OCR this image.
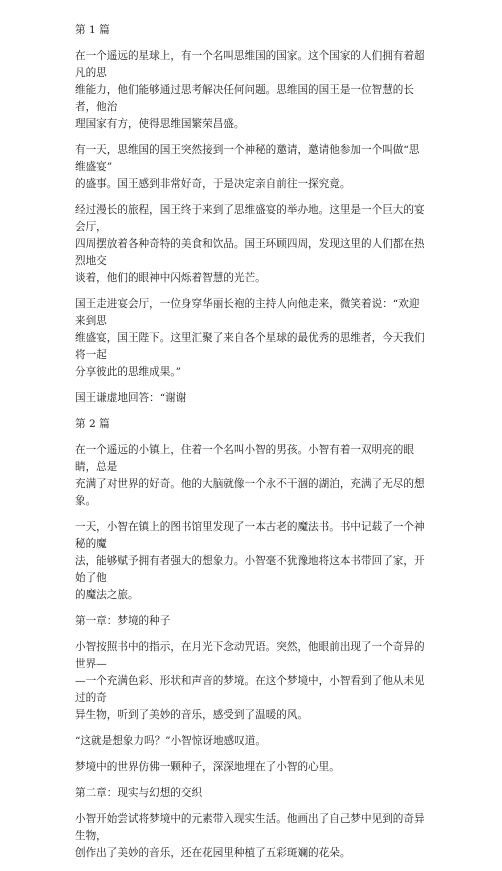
第 1 篇
在一个遥远的星球上，有一个名叫思维国的国家。这个国家的人们拥有着超凡的思
维能力，他们能够通过思考解决任何问题。思维国的国王是一位智慧的长者，他治
理国家有方，使得思维国繁荣昌盛。
有一天，思维国的国王突然接到一个神秘的邀请，邀请他参加一个叫做“思维盛宴”
的盛事。国王感到非常好奇，于是决定亲自前往一探究竟。
经过漫长的旅程，国王终于来到了思维盛宴的举办地。这里是一个巨大的宴会厅，
四周摆放着各种奇特的美食和饮品。国王环顾四周，发现这里的人们都在热烈地交
谈着，他们的眼神中闪烁着智慧的光芒。
国王走进宴会厅，一位身穿华丽长袍的主持人向他走来，微笑着说：“欢迎来到思
维盛宴，国王陛下。这里汇聚了来自各个星球的最优秀的思维者，今天我们将一起
分享彼此的思维成果。”
国王谦虚地回答：“谢谢
第 2 篇
在一个遥远的小镇上，住着一个名叫小智的男孩。小智有着一双明亮的眼睛，总是
充满了对世界的好奇。他的大脑就像一个永不干涸的湖泊，充满了无尽的想象。
一天，小智在镇上的图书馆里发现了一本古老的魔法书。书中记载了一个神秘的魔
法，能够赋予拥有者强大的想象力。小智毫不犹豫地将这本书带回了家，开始了他
的魔法之旅。
第一章：梦境的种子
小智按照书中的指示，在月光下念动咒语。突然，他眼前出现了一个奇异的世界—
—一个充满色彩、形状和声音的梦境。在这个梦境中，小智看到了他从未见过的奇
异生物，听到了美妙的音乐，感受到了温暖的风。
“这就是想象力吗？”小智惊讶地感叹道。
梦境中的世界仿佛一颗种子，深深地埋在了小智的心里。
第二章：现实与幻想的交织
小智开始尝试将梦境中的元素带入现实生活。他画出了自己梦中见到的奇异生物，
创作出了美妙的音乐，还在花园里种植了五彩斑斓的花朵。
